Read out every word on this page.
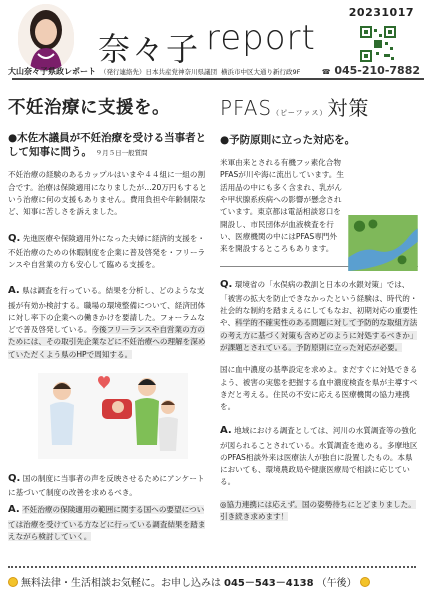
20231017
奈々子 report
大山奈々子県政レポート （発行連絡先）日本共産党神奈川県議団 横浜市中区大通り新行政9F	☎ 045-210-7882
不妊治療に支援を。
●木佐木議員が不妊治療を受ける当事者として知事に問う。 ９月５日一般質問

不妊治療の経験のあるカップルはいまや４４組に一組の割合です。治療は保険適用になりましたが…20万円もするという治療に何の支援もありません。費用負担や年齢制限など、知事に苦しさを訴えました。

Q. 先進医療や保険適用外になった夫婦に経済的支援を・不妊治療のための休暇制度を企業に普及啓発を・フリーランスや自営業の方も安心して臨める支援を。

A. 県は調査を行っている。結果を分析し、どのような支援が有効か検討する。職場の環境整備について、経済団体に対し率下の企業への働きかけを要請した。フォーラムなどで普及啓発している。今後フリーランスや自営業の方のためには、その取引先企業などに不妊治療への理解を深めていただくよう県のHPで周知する。

Q. 国の制度に当事者の声を反映させるためにアンケートに基づいて制度の改善を求めるべき。

A. 不妊治療の保険適用の範囲に関する国への要望については治療を受けている方などに行っている調査結果を踏まえながら検討していく。

PFAS（ピーファス）対策
●予防原則に立った対応を。

米軍由来とされる有機フッ素化合物PFASが川や海に流出しています。生活用品の中にも多く含まれ、乳がんや甲状腺系疾病への影響が懸念されています。東京都は電話相談窓口を開設し、市民団体が血液検査を行い、医療機関の中にはPFAS専門外来を開設するところもあります。

Q. 環境省の「水俣病の教訓と日本の水銀対策」では、「被害の拡大を防止できなかったという経験は、時代的・社会的な制約を踏まえるにしてもなお、初期対応の重要性や、科学的不確実性のある問題に対して予防的な取組方法の考え方に基づく対策も含めどのように対処するべきか」が課題とされている。予防原則に立った対応が必要。

国に血中濃度の基準設定を求めよ。まだすぐに対処できるよう、被害の実態を把握する血中濃度検査を県が主導すべきだと考える。住民の不安に応える医療機関の協力連携を。

A. 地域における調査としては、河川の水質調査等の強化が図られることされている。水質調査を進める。多摩地区のPFAS相談外来は医療法人が独自に設置したもの。本県においても、環境農政局や健康医療局で相談に応じている。

◎協力連携には応えず。国の姿勢待ちにとどまりました。引き続き求めます！

無料法律・生活相談お気軽に。お申し込みは 045－543－4138 （午後）
